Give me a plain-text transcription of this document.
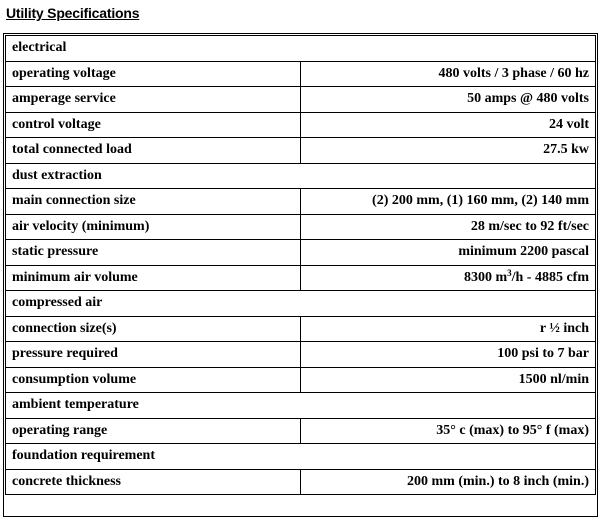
Utility Specifications
electrical	
operating voltage	480 volts / 3 phase / 60 hz
amperage service	50 amps @ 480 volts
control voltage	24 volt
total connected load	27.5 kw
dust extraction	
main connection size	(2) 200 mm, (1) 160 mm, (2) 140 mm
air velocity (minimum)	28 m/sec to 92 ft/sec
static pressure	minimum 2200 pascal
minimum air volume	8300 $m^3/h - 4885$ cfm
compressed air	
connection size(s)	r ½ inch
pressure required	100 psi to 7 bar
consumption volume	1500 nl/min
ambient temperature	
operating range	35° c (max) to 95° f (max)
foundation requirement	
concrete thickness	200 mm (min.) to 8 inch (min.)
